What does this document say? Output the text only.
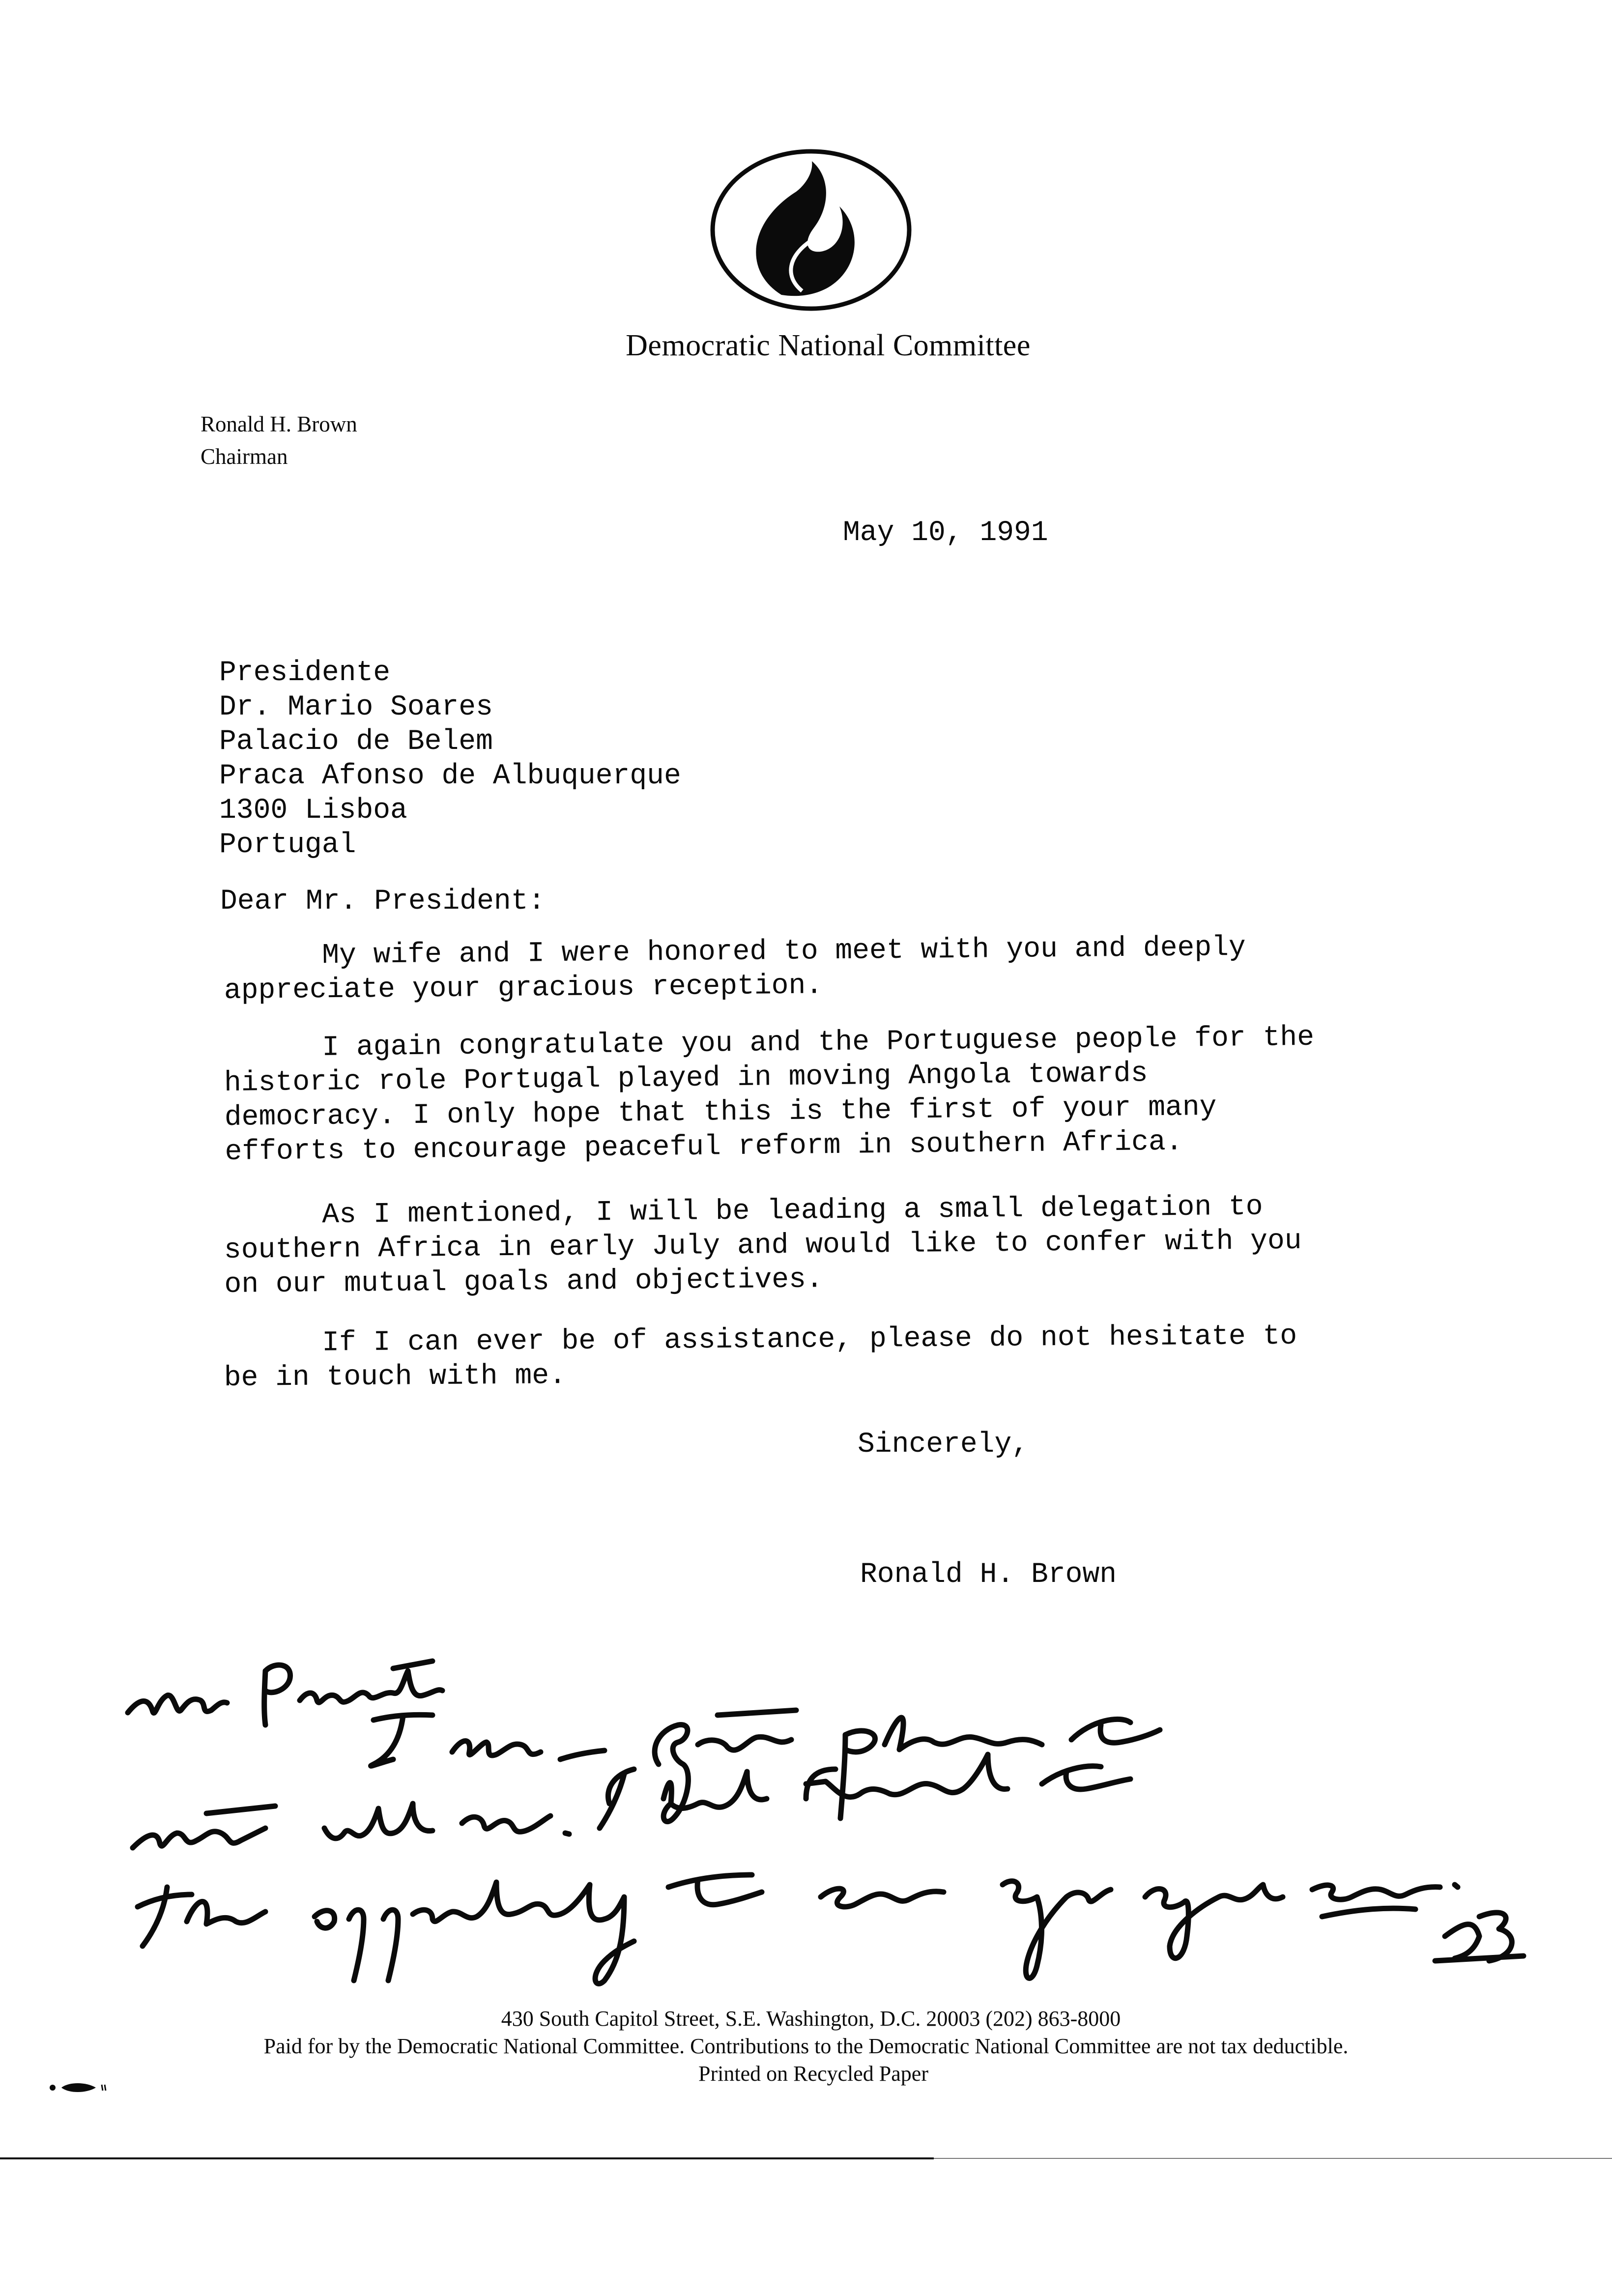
Democratic National Committee
Ronald H. Brown
Chairman
May 10, 1991
Presidente
Dr. Mario Soares
Palacio de Belem
Praca Afonso de Albuquerque
1300 Lisboa
Portugal
Dear Mr. President:
My wife and I were honored to meet with you and deeply
appreciate your gracious reception.
I again congratulate you and the Portuguese people for the
historic role Portugal played in moving Angola towards
democracy. I only hope that this is the first of your many
efforts to encourage peaceful reform in southern Africa.
As I mentioned, I will be leading a small delegation to
southern Africa in early July and would like to confer with you
on our mutual goals and objectives.
If I can ever be of assistance, please do not hesitate to
be in touch with me.
Sincerely,
Ronald H. Brown
430 South Capitol Street, S.E. Washington, D.C. 20003 (202) 863-8000
Paid for by the Democratic National Committee. Contributions to the Democratic National Committee are not tax deductible.
Printed on Recycled Paper
